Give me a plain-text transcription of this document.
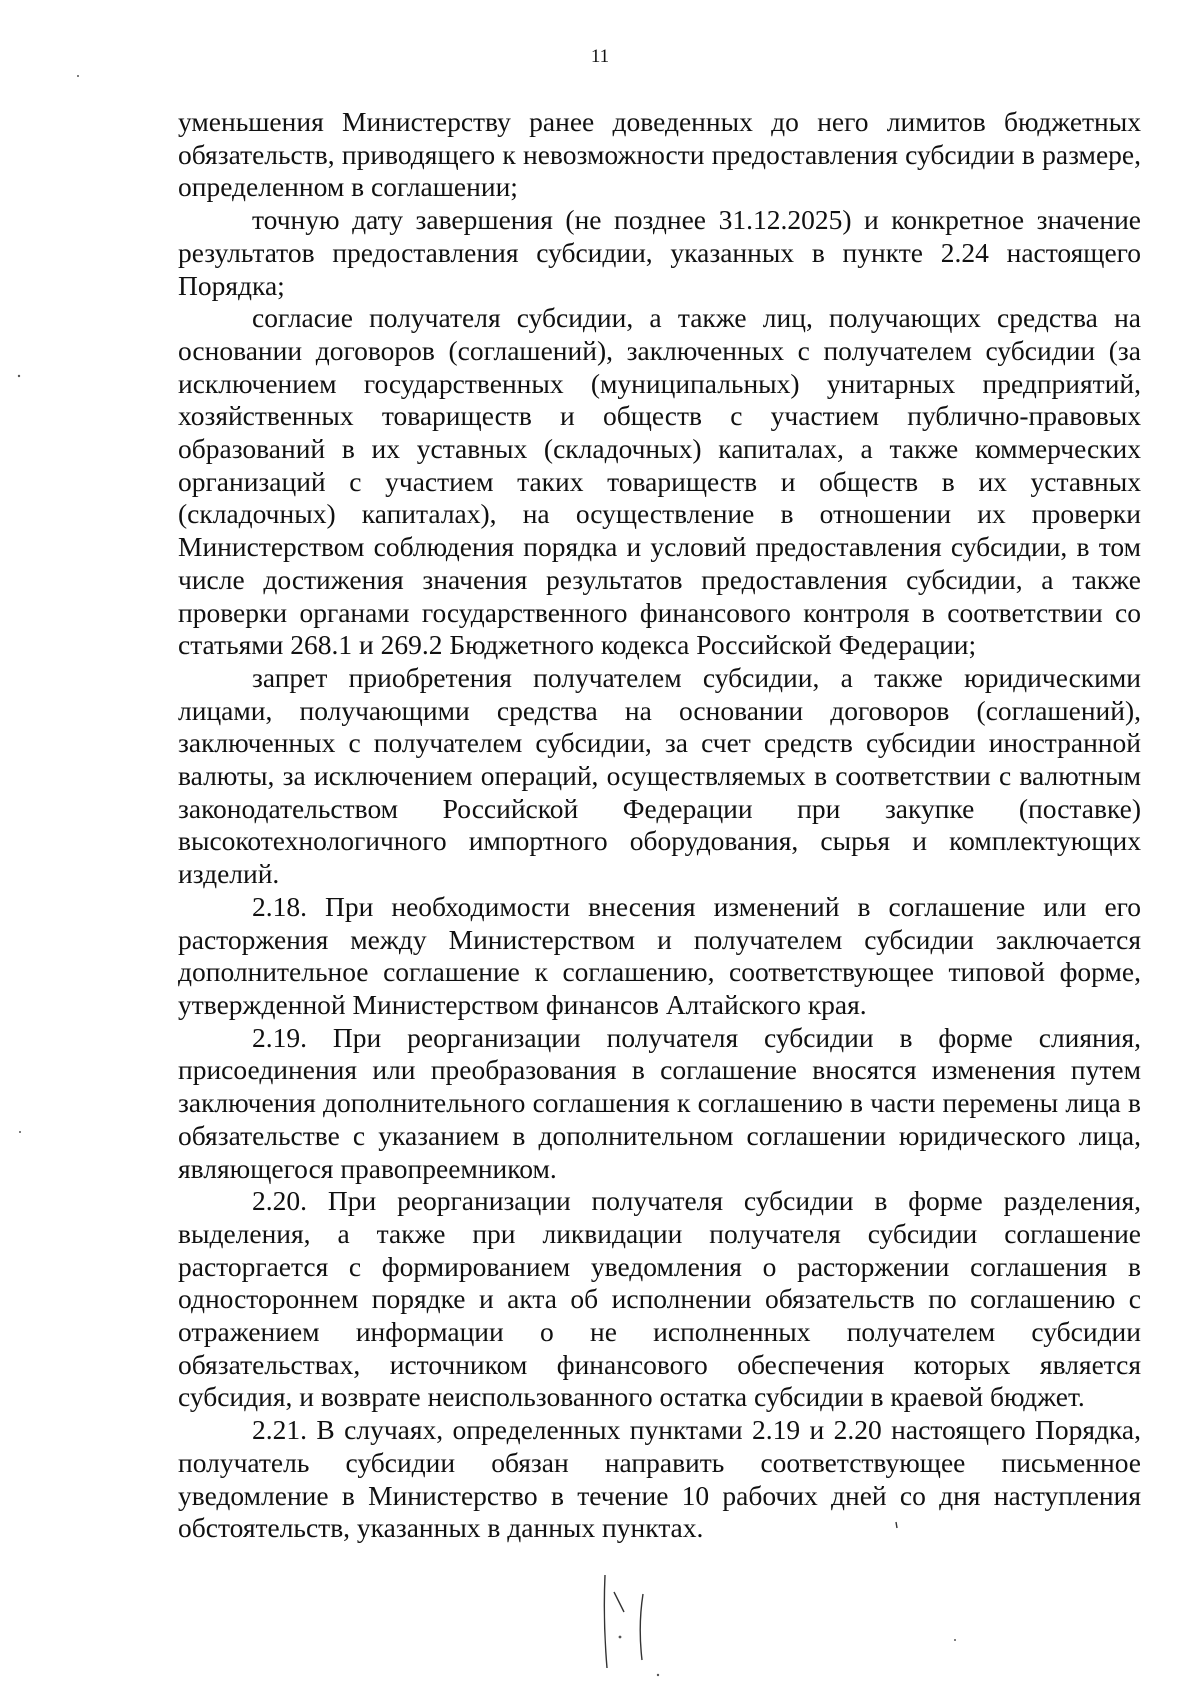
11

уменьшения Министерству ранее доведенных до него лимитов бюджетных обязательств, приводящего к невозможности предоставления субсидии в размере, определенном в соглашении;

точную дату завершения (не позднее 31.12.2025) и конкретное значение результатов предоставления субсидии, указанных в пункте 2.24 настоящего Порядка;

согласие получателя субсидии, а также лиц, получающих средства на основании договоров (соглашений), заключенных с получателем субсидии (за исключением государственных (муниципальных) унитарных предприятий, хозяйственных товариществ и обществ с участием публично-правовых образований в их уставных (складочных) капиталах, а также коммерческих организаций с участием таких товариществ и обществ в их уставных (складочных) капиталах), на осуществление в отношении их проверки Министерством соблюдения порядка и условий предоставления субсидии, в том числе достижения значения результатов предоставления субсидии, а также проверки органами государственного финансового контроля в соответствии со статьями 268.1 и 269.2 Бюджетного кодекса Российской Федерации;

запрет приобретения получателем субсидии, а также юридическими лицами, получающими средства на основании договоров (соглашений), заключенных с получателем субсидии, за счет средств субсидии иностранной валюты, за исключением операций, осуществляемых в соответствии с валютным законодательством Российской Федерации при закупке (поставке) высокотехнологичного импортного оборудования, сырья и комплектующих изделий.

2.18. При необходимости внесения изменений в соглашение или его расторжения между Министерством и получателем субсидии заключается дополнительное соглашение к соглашению, соответствующее типовой форме, утвержденной Министерством финансов Алтайского края.

2.19. При реорганизации получателя субсидии в форме слияния, присоединения или преобразования в соглашение вносятся изменения путем заключения дополнительного соглашения к соглашению в части перемены лица в обязательстве с указанием в дополнительном соглашении юридического лица, являющегося правопреемником.

2.20. При реорганизации получателя субсидии в форме разделения, выделения, а также при ликвидации получателя субсидии соглашение расторгается с формированием уведомления о расторжении соглашения в одностороннем порядке и акта об исполнении обязательств по соглашению с отражением информации о не исполненных получателем субсидии обязательствах, источником финансового обеспечения которых является субсидия, и возврате неиспользованного остатка субсидии в краевой бюджет.

2.21. В случаях, определенных пунктами 2.19 и 2.20 настоящего Порядка, получатель субсидии обязан направить соответствующее письменное уведомление в Министерство в течение 10 рабочих дней со дня наступления обстоятельств, указанных в данных пунктах.
